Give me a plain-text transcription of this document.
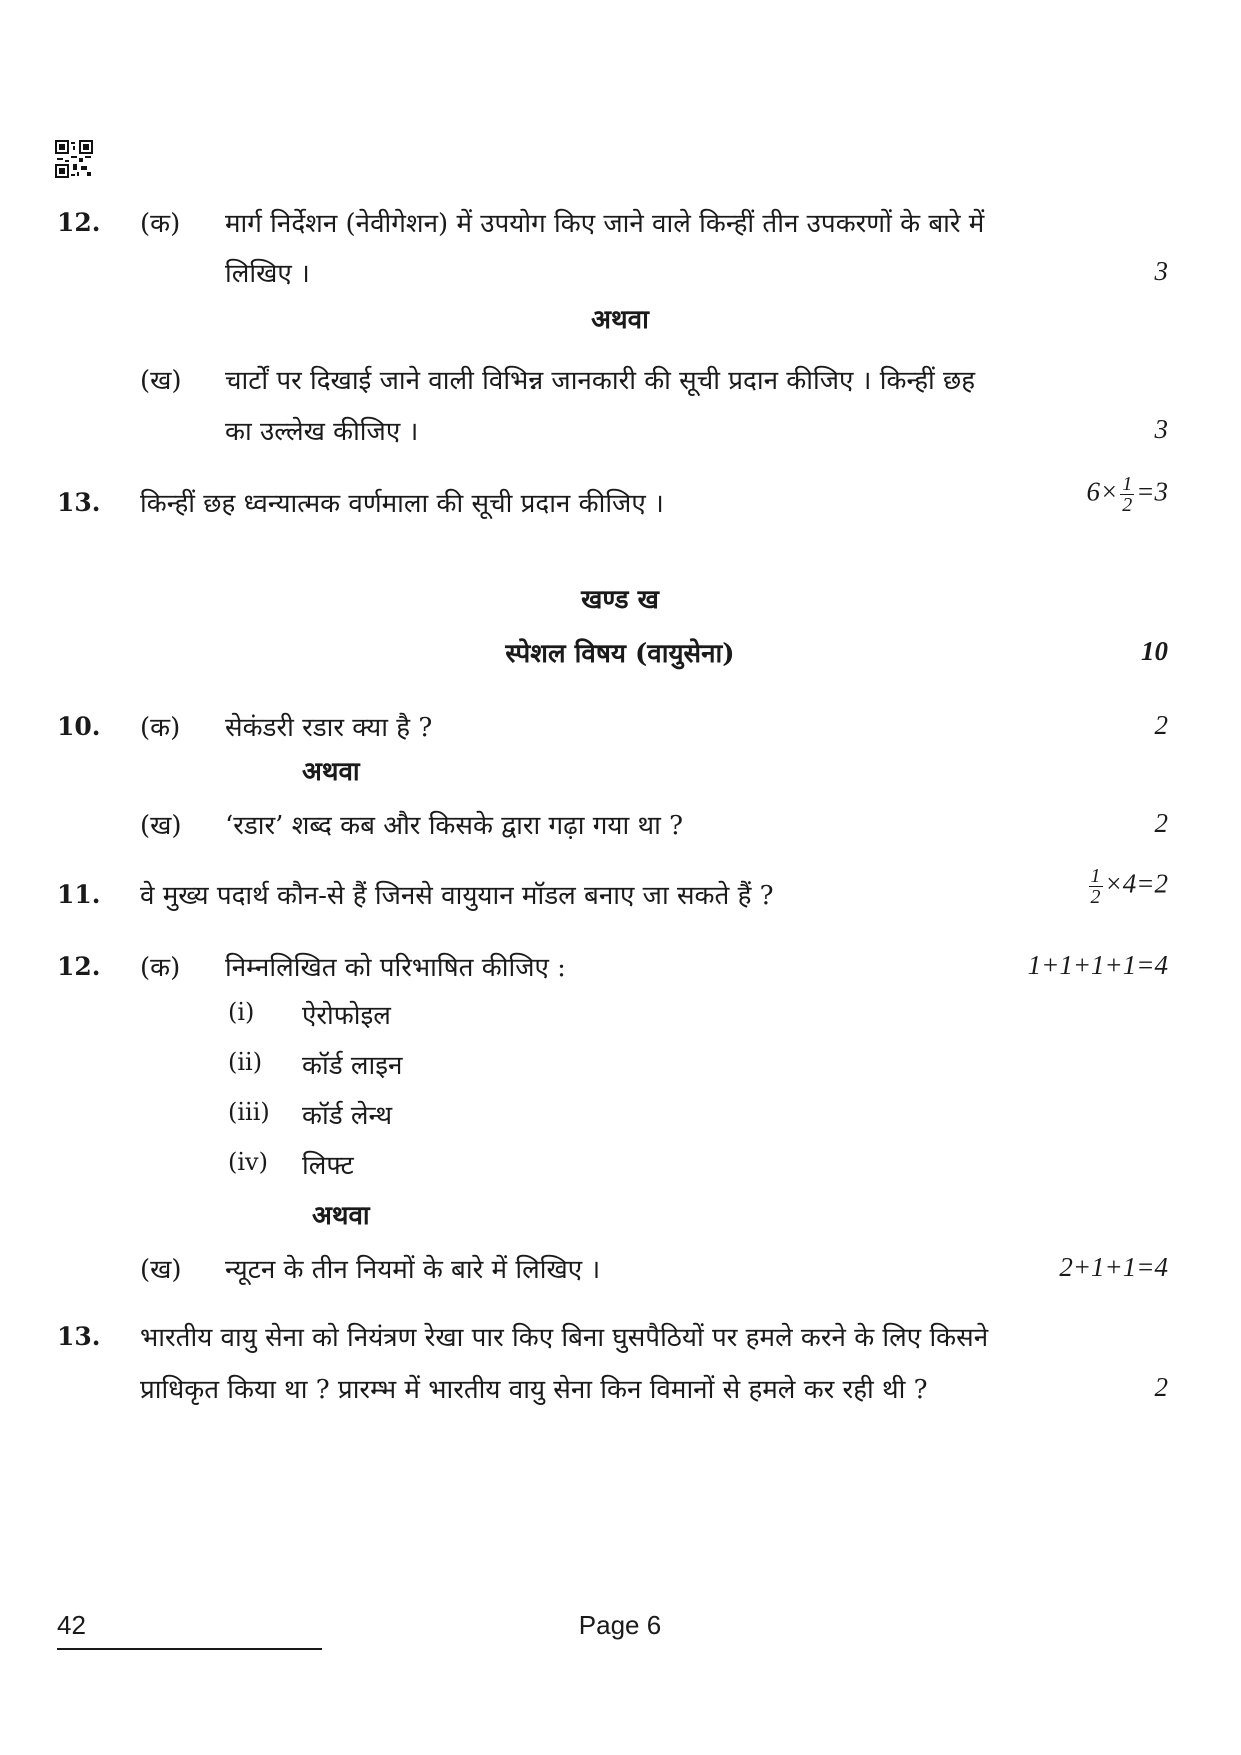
12. (क) मार्ग निर्देशन (नेवीगेशन) में उपयोग किए जाने वाले किन्हीं तीन उपकरणों के बारे में
लिखिए ।	3
अथवा
(ख) चार्टों पर दिखाई जाने वाली विभिन्न जानकारी की सूची प्रदान कीजिए । किन्हीं छह
का उल्लेख कीजिए ।	3
13. किन्हीं छह ध्वन्यात्मक वर्णमाला की सूची प्रदान कीजिए ।	$6\times \frac{1}{2} =3$
खण्ड ख
स्पेशल विषय (वायुसेना)	10
10. (क) सेकंडरी रडार क्या है ?	2
अथवा
(ख) ‘रडार’ शब्द कब और किसके द्वारा गढ़ा गया था ?	2
11. वे मुख्य पदार्थ कौन-से हैं जिनसे वायुयान मॉडल बनाए जा सकते हैं ?	$\frac{1}{2} \times 4=2$
12. (क) निम्नलिखित को परिभाषित कीजिए :	1+1+1+1=4
(i) ऐरोफोइल
(ii) कॉर्ड लाइन
(iii) कॉर्ड लेन्थ
(iv) लिफ्ट
अथवा
(ख) न्यूटन के तीन नियमों के बारे में लिखिए ।	2+1+1=4
13. भारतीय वायु सेना को नियंत्रण रेखा पार किए बिना घुसपैठियों पर हमले करने के लिए किसने
प्राधिकृत किया था ? प्रारम्भ में भारतीय वायु सेना किन विमानों से हमले कर रही थी ?	2
42	Page 6
